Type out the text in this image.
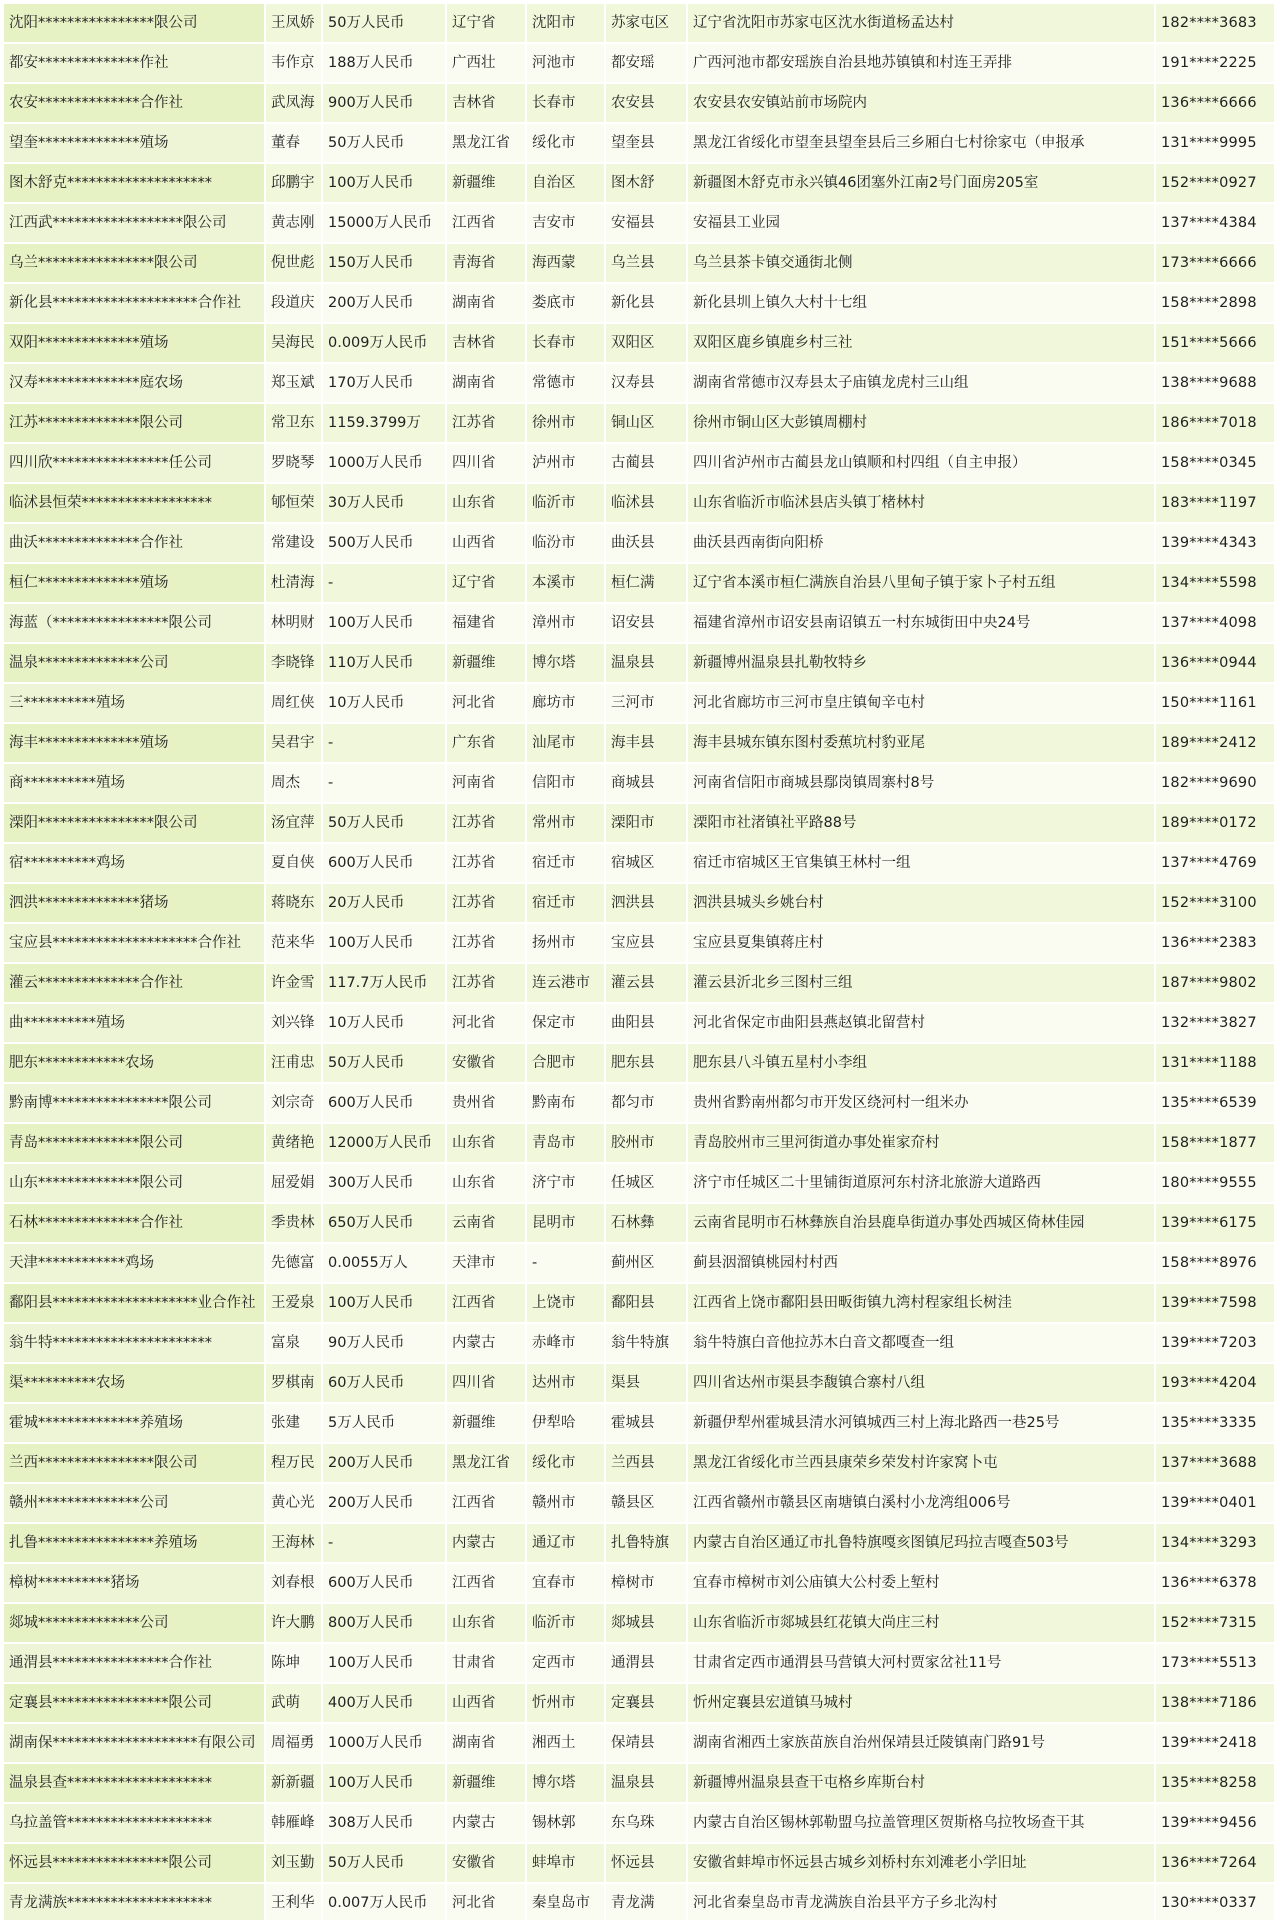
沈阳****************限公司	王凤娇	50万人民币	辽宁省	沈阳市	苏家屯区	辽宁省沈阳市苏家屯区沈水街道杨孟达村	182****3683
都安**************作社	韦作京	188万人民币	广西壮	河池市	都安瑶	广西河池市都安瑶族自治县地苏镇镇和村连王弄排	191****2225
农安**************合作社	武凤海	900万人民币	吉林省	长春市	农安县	农安县农安镇站前市场院内	136****6666
望奎**************殖场	董春	50万人民币	黑龙江省	绥化市	望奎县	黑龙江省绥化市望奎县望奎县后三乡厢白七村徐家屯（申报承	131****9995
图木舒克********************	邱鹏宇	100万人民币	新疆维	自治区	图木舒	新疆图木舒克市永兴镇46团塞外江南2号门面房205室	152****0927
江西武******************限公司	黄志刚	15000万人民币	江西省	吉安市	安福县	安福县工业园	137****4384
乌兰****************限公司	倪世彪	150万人民币	青海省	海西蒙	乌兰县	乌兰县茶卡镇交通街北侧	173****6666
新化县********************合作社	段道庆	200万人民币	湖南省	娄底市	新化县	新化县圳上镇久大村十七组	158****2898
双阳**************殖场	吴海民	0.009万人民币	吉林省	长春市	双阳区	双阳区鹿乡镇鹿乡村三社	151****5666
汉寿**************庭农场	郑玉斌	170万人民币	湖南省	常德市	汉寿县	湖南省常德市汉寿县太子庙镇龙虎村三山组	138****9688
江苏**************限公司	常卫东	1159.3799万	江苏省	徐州市	铜山区	徐州市铜山区大彭镇周棚村	186****7018
四川欣****************任公司	罗晓琴	1000万人民币	四川省	泸州市	古蔺县	四川省泸州市古蔺县龙山镇顺和村四组（自主申报）	158****0345
临沭县恒荣******************	郇恒荣	30万人民币	山东省	临沂市	临沭县	山东省临沂市临沭县店头镇丁楮林村	183****1197
曲沃**************合作社	常建设	500万人民币	山西省	临汾市	曲沃县	曲沃县西南街向阳桥	139****4343
桓仁**************殖场	杜清海	-	辽宁省	本溪市	桓仁满	辽宁省本溪市桓仁满族自治县八里甸子镇于家卜子村五组	134****5598
海蓝（****************限公司	林明财	100万人民币	福建省	漳州市	诏安县	福建省漳州市诏安县南诏镇五一村东城街田中央24号	137****4098
温泉**************公司	李晓锋	110万人民币	新疆维	博尔塔	温泉县	新疆博州温泉县扎勒牧特乡	136****0944
三**********殖场	周红侠	10万人民币	河北省	廊坊市	三河市	河北省廊坊市三河市皇庄镇甸辛屯村	150****1161
海丰**************殖场	吴君宇	-	广东省	汕尾市	海丰县	海丰县城东镇东图村委蕉坑村豹亚尾	189****2412
商**********殖场	周杰	-	河南省	信阳市	商城县	河南省信阳市商城县鄢岗镇周寨村8号	182****9690
溧阳****************限公司	汤宜萍	50万人民币	江苏省	常州市	溧阳市	溧阳市社渚镇社平路88号	189****0172
宿**********鸡场	夏自侠	600万人民币	江苏省	宿迁市	宿城区	宿迁市宿城区王官集镇王林村一组	137****4769
泗洪**************猪场	蒋晓东	20万人民币	江苏省	宿迁市	泗洪县	泗洪县城头乡姚台村	152****3100
宝应县********************合作社	范来华	100万人民币	江苏省	扬州市	宝应县	宝应县夏集镇蒋庄村	136****2383
灌云**************合作社	许金雪	117.7万人民币	江苏省	连云港市	灌云县	灌云县沂北乡三图村三组	187****9802
曲**********殖场	刘兴锋	10万人民币	河北省	保定市	曲阳县	河北省保定市曲阳县燕赵镇北留营村	132****3827
肥东************农场	汪甫忠	50万人民币	安徽省	合肥市	肥东县	肥东县八斗镇五星村小李组	131****1188
黔南博****************限公司	刘宗奇	600万人民币	贵州省	黔南布	都匀市	贵州省黔南州都匀市开发区绕河村一组米办	135****6539
青岛**************限公司	黄绪艳	12000万人民币	山东省	青岛市	胶州市	青岛胶州市三里河街道办事处崔家夼村	158****1877
山东**************限公司	屈爱娟	300万人民币	山东省	济宁市	任城区	济宁市任城区二十里铺街道原河东村济北旅游大道路西	180****9555
石林**************合作社	季贵林	650万人民币	云南省	昆明市	石林彝	云南省昆明市石林彝族自治县鹿阜街道办事处西城区倚林佳园	139****6175
天津************鸡场	先德富	0.0055万人	天津市	-	蓟州区	蓟县洇溜镇桃园村村西	158****8976
鄱阳县********************业合作社	王爱泉	100万人民币	江西省	上饶市	鄱阳县	江西省上饶市鄱阳县田畈街镇九湾村程家组长树洼	139****7598
翁牛特**********************	富泉	90万人民币	内蒙古	赤峰市	翁牛特旗	翁牛特旗白音他拉苏木白音文都嘎查一组	139****7203
渠**********农场	罗棋南	60万人民币	四川省	达州市	渠县	四川省达州市渠县李馥镇合寨村八组	193****4204
霍城**************养殖场	张建	5万人民币	新疆维	伊犁哈	霍城县	新疆伊犁州霍城县清水河镇城西三村上海北路西一巷25号	135****3335
兰西****************限公司	程万民	200万人民币	黑龙江省	绥化市	兰西县	黑龙江省绥化市兰西县康荣乡荣发村许家窝卜屯	137****3688
赣州**************公司	黄心光	200万人民币	江西省	赣州市	赣县区	江西省赣州市赣县区南塘镇白溪村小龙湾组006号	139****0401
扎鲁****************养殖场	王海林	-	内蒙古	通辽市	扎鲁特旗	内蒙古自治区通辽市扎鲁特旗嘎亥图镇尼玛拉吉嘎查503号	134****3293
樟树**********猪场	刘春根	600万人民币	江西省	宜春市	樟树市	宜春市樟树市刘公庙镇大公村委上堑村	136****6378
郯城**************公司	许大鹏	800万人民币	山东省	临沂市	郯城县	山东省临沂市郯城县红花镇大尚庄三村	152****7315
通渭县****************合作社	陈坤	100万人民币	甘肃省	定西市	通渭县	甘肃省定西市通渭县马营镇大河村贾家岔社11号	173****5513
定襄县****************限公司	武萌	400万人民币	山西省	忻州市	定襄县	忻州定襄县宏道镇马城村	138****7186
湖南保********************有限公司	周福勇	1000万人民币	湖南省	湘西土	保靖县	湖南省湘西土家族苗族自治州保靖县迁陵镇南门路91号	139****2418
温泉县查********************	新新疆	100万人民币	新疆维	博尔塔	温泉县	新疆博州温泉县查干屯格乡库斯台村	135****8258
乌拉盖管********************	韩雁峰	308万人民币	内蒙古	锡林郭	东乌珠	内蒙古自治区锡林郭勒盟乌拉盖管理区贺斯格乌拉牧场查干其	139****9456
怀远县****************限公司	刘玉勤	50万人民币	安徽省	蚌埠市	怀远县	安徽省蚌埠市怀远县古城乡刘桥村东刘滩老小学旧址	136****7264
青龙满族********************	王利华	0.007万人民币	河北省	秦皇岛市	青龙满	河北省秦皇岛市青龙满族自治县平方子乡北沟村	130****0337
